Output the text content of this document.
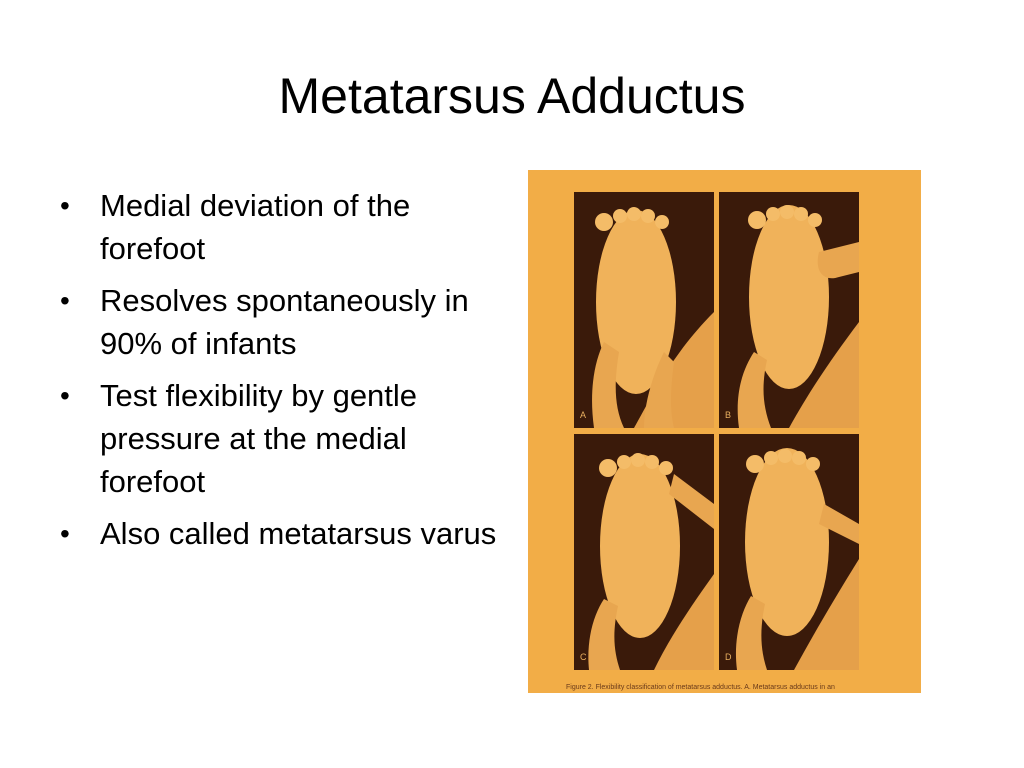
Metatarsus Adductus
• Medial deviation of the forefoot
• Resolves spontaneously in 90% of infants
• Test flexibility by gentle pressure at the medial forefoot
• Also called metatarsus varus
A	B
C	D
Figure 2. Flexibility classification of metatarsus adductus. A. Metatarsus adductus in an
